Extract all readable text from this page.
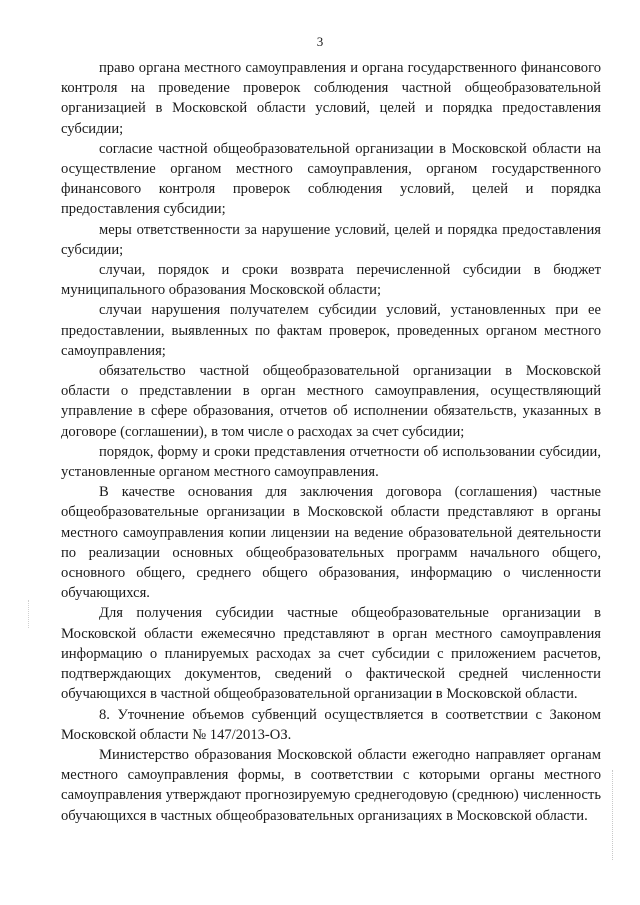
3

право органа местного самоуправления и органа государственного финансового контроля на проведение проверок соблюдения частной общеобразовательной организацией в Московской области условий, целей и порядка предоставления субсидии;

согласие частной общеобразовательной организации в Московской области на осуществление органом местного самоуправления, органом государственного финансового контроля проверок соблюдения условий, целей и порядка предоставления субсидии;

меры ответственности за нарушение условий, целей и порядка предоставления субсидии;

случаи, порядок и сроки возврата перечисленной субсидии в бюджет муниципального образования Московской области;

случаи нарушения получателем субсидии условий, установленных при ее предоставлении, выявленных по фактам проверок, проведенных органом местного самоуправления;

обязательство частной общеобразовательной организации в Московской области о представлении в орган местного самоуправления, осуществляющий управление в сфере образования, отчетов об исполнении обязательств, указанных в договоре (соглашении), в том числе о расходах за счет субсидии;

порядок, форму и сроки представления отчетности об использовании субсидии, установленные органом местного самоуправления.

В качестве основания для заключения договора (соглашения) частные общеобразовательные организации в Московской области представляют в органы местного самоуправления копии лицензии на ведение образовательной деятельности по реализации основных общеобразовательных программ начального общего, основного общего, среднего общего образования, информацию о численности обучающихся.

Для получения субсидии частные общеобразовательные организации в Московской области ежемесячно представляют в орган местного самоуправления информацию о планируемых расходах за счет субсидии с приложением расчетов, подтверждающих документов, сведений о фактической средней численности обучающихся в частной общеобразовательной организации в Московской области.

8. Уточнение объемов субвенций осуществляется в соответствии с Законом Московской области № 147/2013-ОЗ.

Министерство образования Московской области ежегодно направляет органам местного самоуправления формы, в соответствии с которыми органы местного самоуправления утверждают прогнозируемую среднегодовую (среднюю) численность обучающихся в частных общеобразовательных организациях в Московской области.
